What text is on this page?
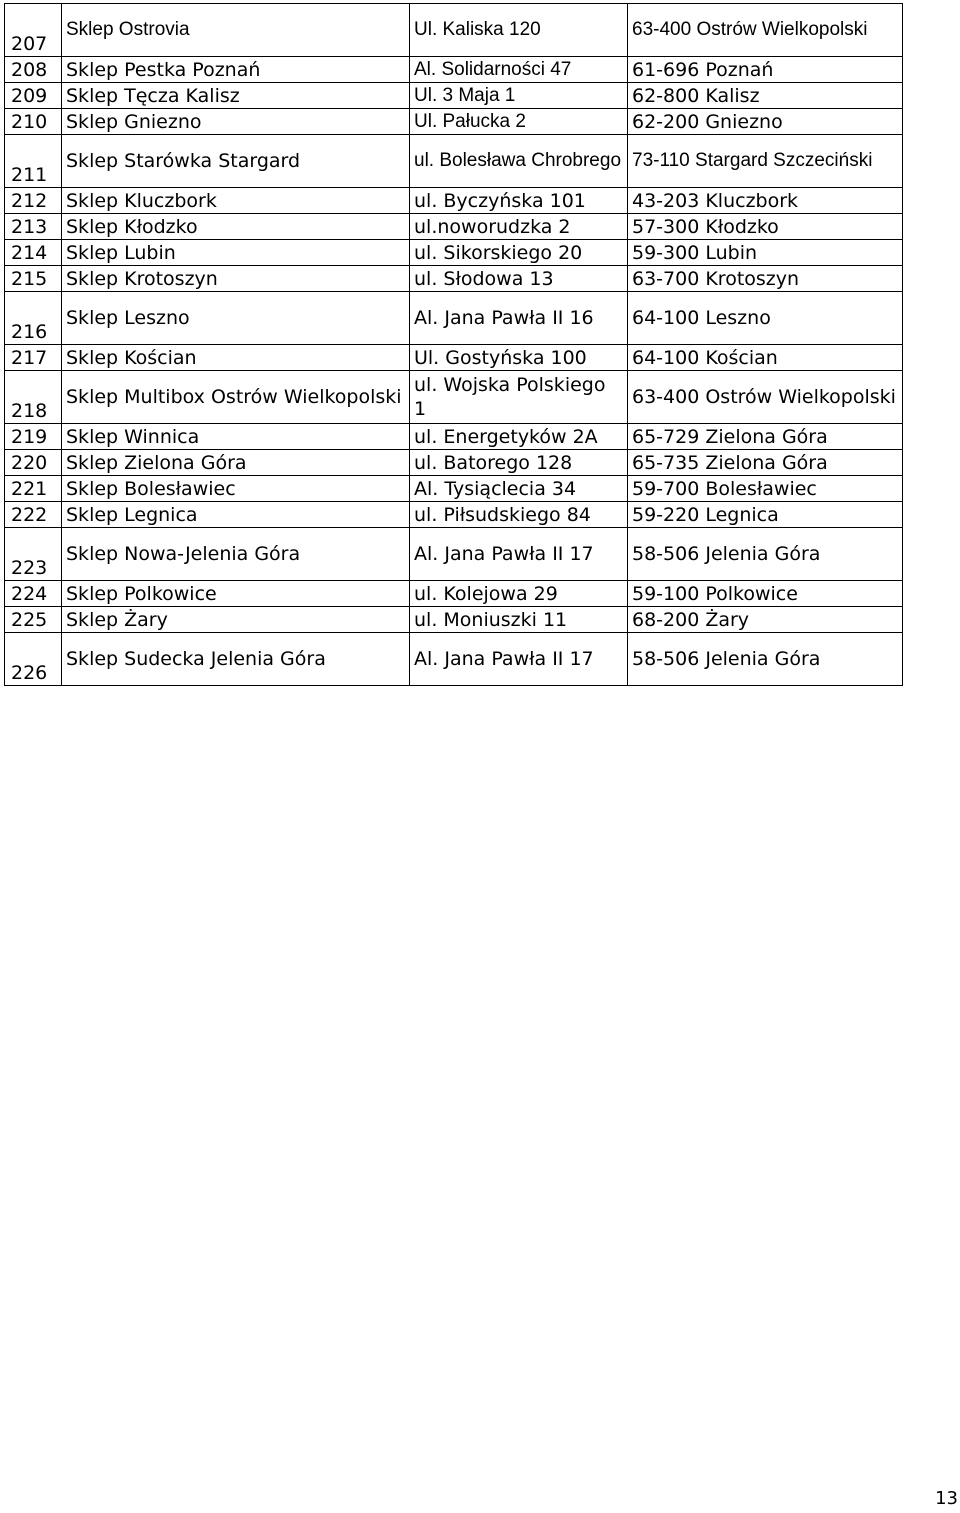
207	Sklep Ostrovia	Ul. Kaliska 120	63-400 Ostrów Wielkopolski
208	Sklep Pestka Poznań	Al. Solidarności 47	61-696 Poznań
209	Sklep Tęcza Kalisz	Ul. 3 Maja 1	62-800 Kalisz
210	Sklep Gniezno	Ul. Pałucka 2	62-200 Gniezno
211	Sklep Starówka Stargard	ul. Bolesława Chrobrego	73-110 Stargard Szczeciński
212	Sklep Kluczbork	ul. Byczyńska 101	43-203 Kluczbork
213	Sklep Kłodzko	ul.noworudzka 2	57-300 Kłodzko
214	Sklep Lubin	ul. Sikorskiego 20	59-300 Lubin
215	Sklep Krotoszyn	ul. Słodowa 13	63-700 Krotoszyn
216	Sklep Leszno	Al. Jana Pawła II 16	64-100 Leszno
217	Sklep Kościan	Ul. Gostyńska 100	64-100 Kościan
218	Sklep Multibox Ostrów Wielkopolski	ul. Wojska Polskiego 1	63-400 Ostrów Wielkopolski
219	Sklep Winnica	ul. Energetyków 2A	65-729 Zielona Góra
220	Sklep Zielona Góra	ul. Batorego 128	65-735 Zielona Góra
221	Sklep Bolesławiec	Al. Tysiąclecia 34	59-700 Bolesławiec
222	Sklep Legnica	ul. Piłsudskiego 84	59-220 Legnica
223	Sklep Nowa-Jelenia Góra	Al. Jana Pawła II 17	58-506 Jelenia Góra
224	Sklep Polkowice	ul. Kolejowa 29	59-100 Polkowice
225	Sklep Żary	ul. Moniuszki 11	68-200 Żary
226	Sklep Sudecka Jelenia Góra	Al. Jana Pawła II 17	58-506 Jelenia Góra
13
